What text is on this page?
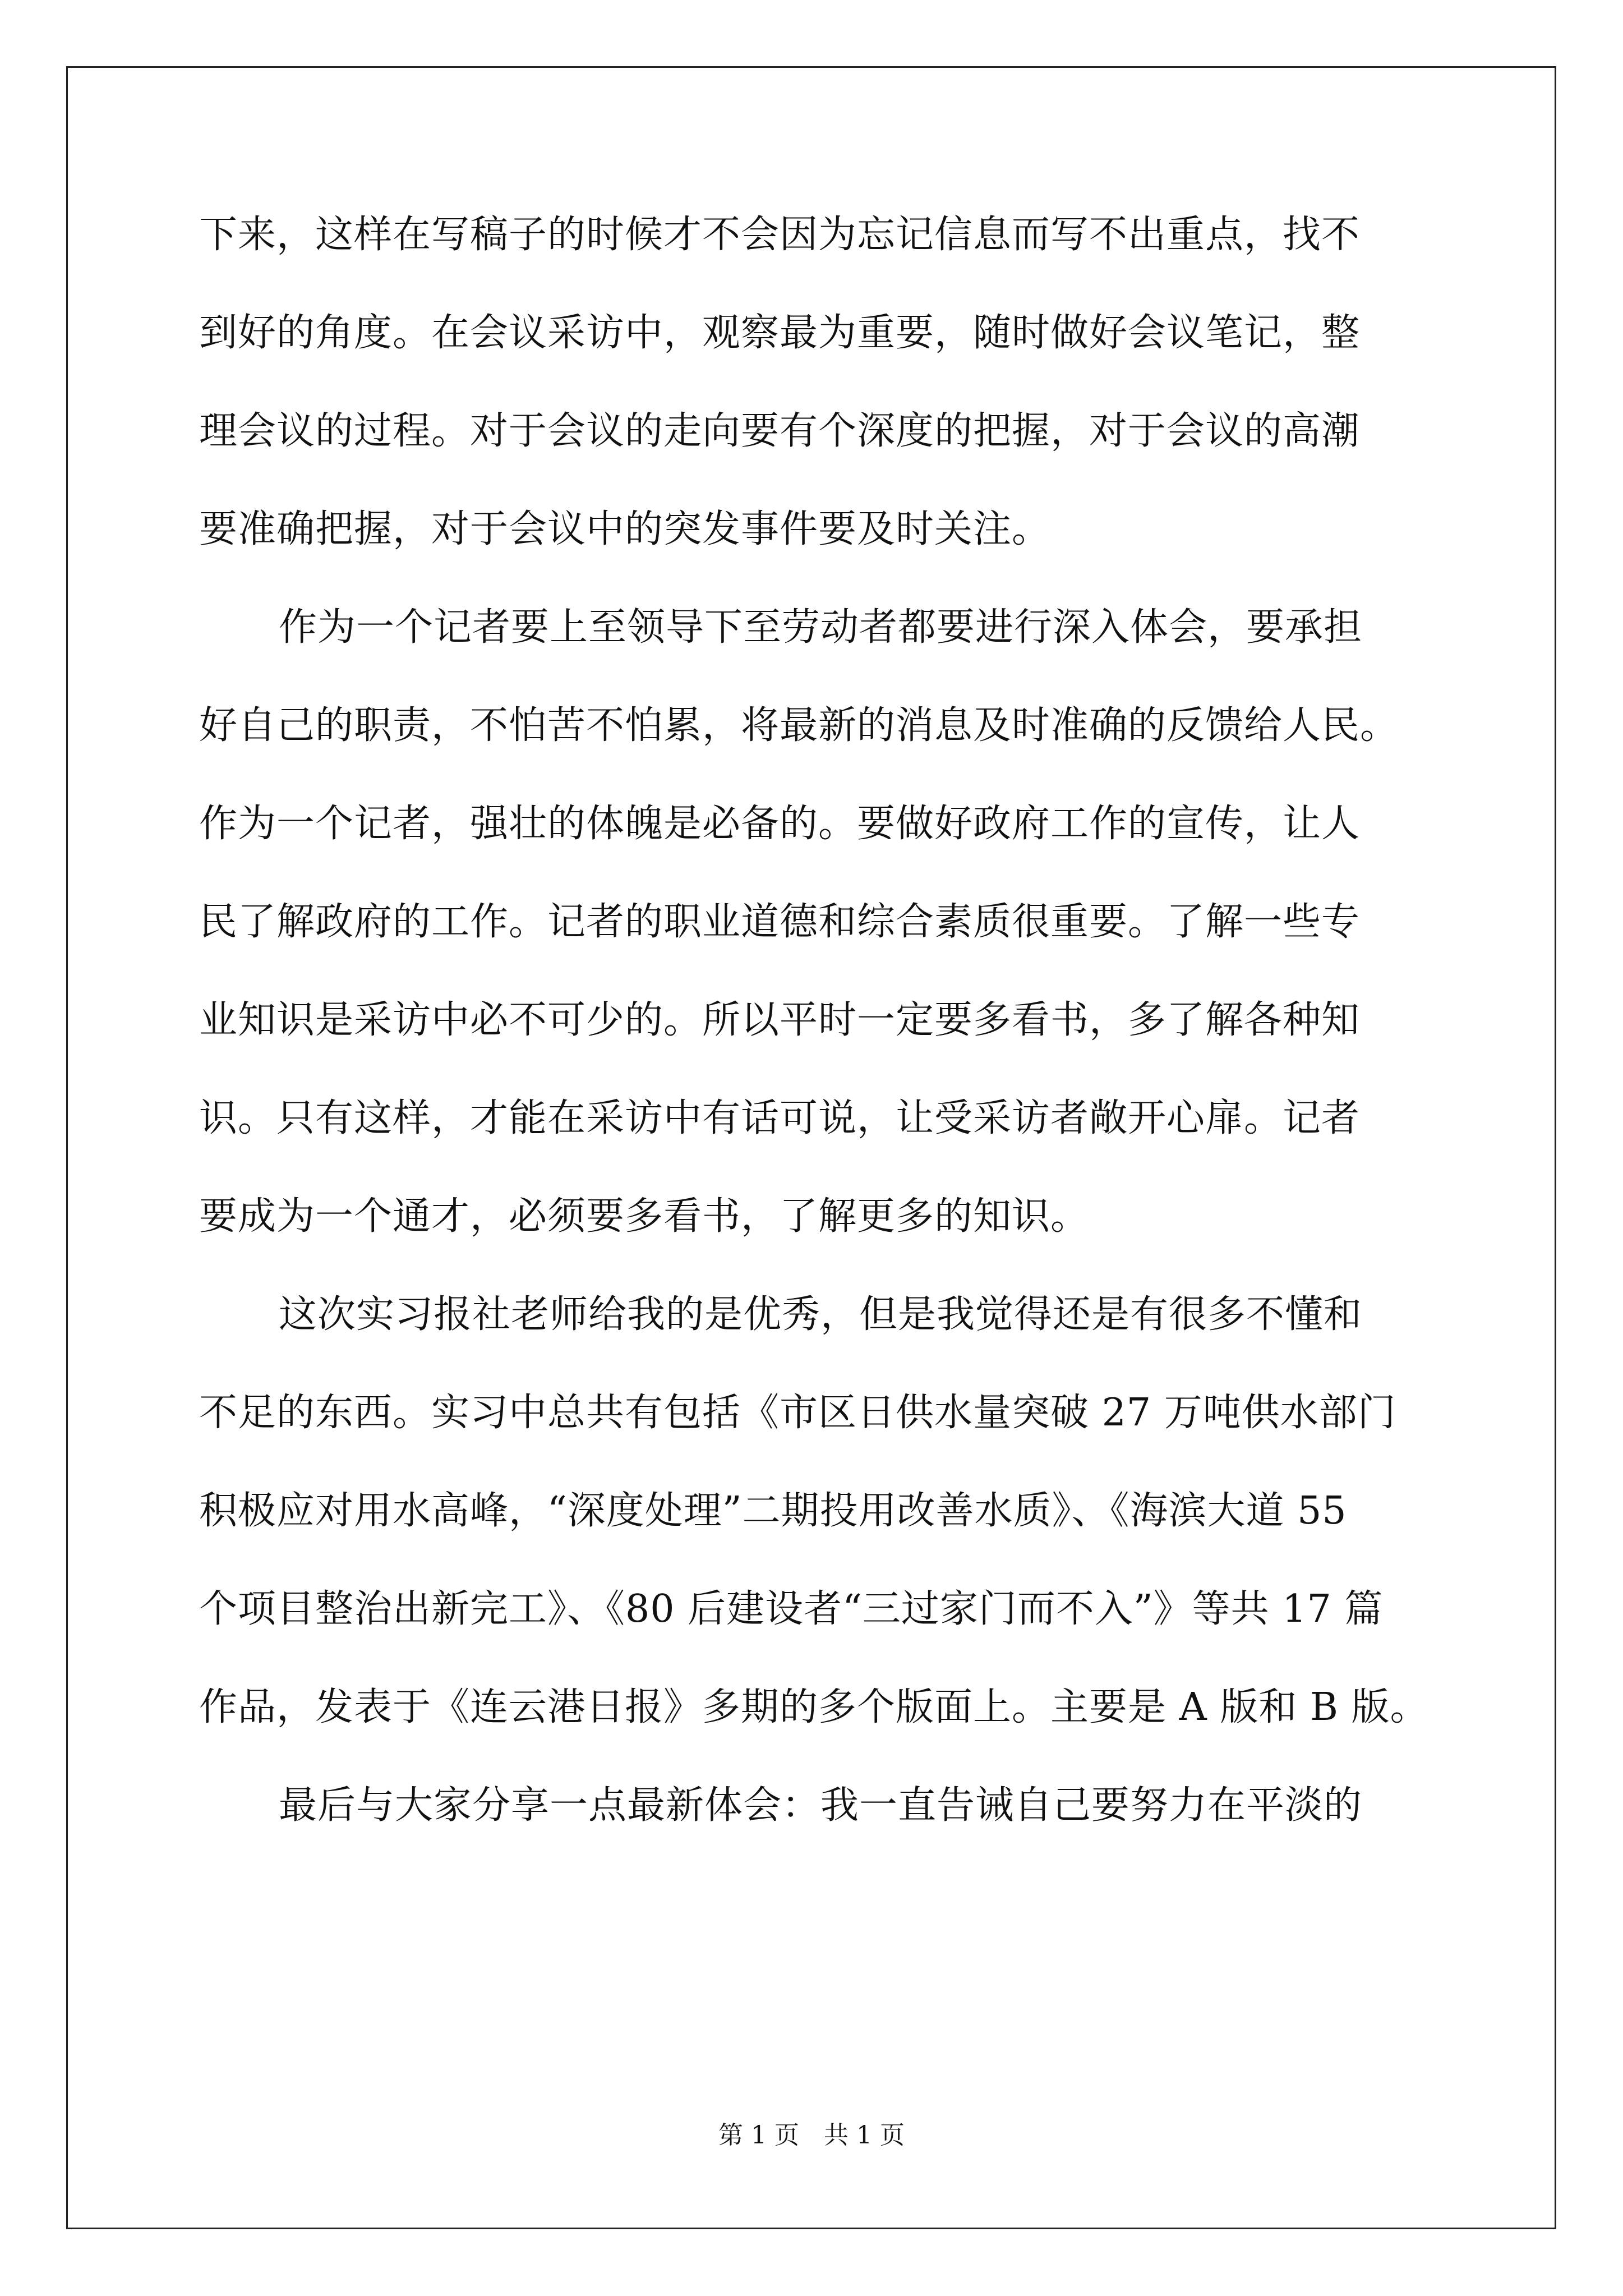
下来，这样在写稿子的时候才不会因为忘记信息而写不出重点，找不
到好的角度。在会议采访中，观察最为重要，随时做好会议笔记，整
理会议的过程。对于会议的走向要有个深度的把握，对于会议的高潮
要准确把握，对于会议中的突发事件要及时关注。
作为一个记者要上至领导下至劳动者都要进行深入体会，要承担
好自己的职责，不怕苦不怕累，将最新的消息及时准确的反馈给人民。
作为一个记者，强壮的体魄是必备的。要做好政府工作的宣传，让人
民了解政府的工作。记者的职业道德和综合素质很重要。了解一些专
业知识是采访中必不可少的。所以平时一定要多看书，多了解各种知
识。只有这样，才能在采访中有话可说，让受采访者敞开心扉。记者
要成为一个通才，必须要多看书，了解更多的知识。
这次实习报社老师给我的是优秀，但是我觉得还是有很多不懂和
不足的东西。实习中总共有包括《市区日供水量突破 27 万吨供水部门
积极应对用水高峰，“深度处理”二期投用改善水质》、《海滨大道 55
个项目整治出新完工》、《80 后建设者“三过家门而不入”》等共 17 篇
作品，发表于《连云港日报》多期的多个版面上。主要是 A 版和 B 版。
最后与大家分享一点最新体会：我一直告诫自己要努力在平淡的
第 1 页 共 1 页
